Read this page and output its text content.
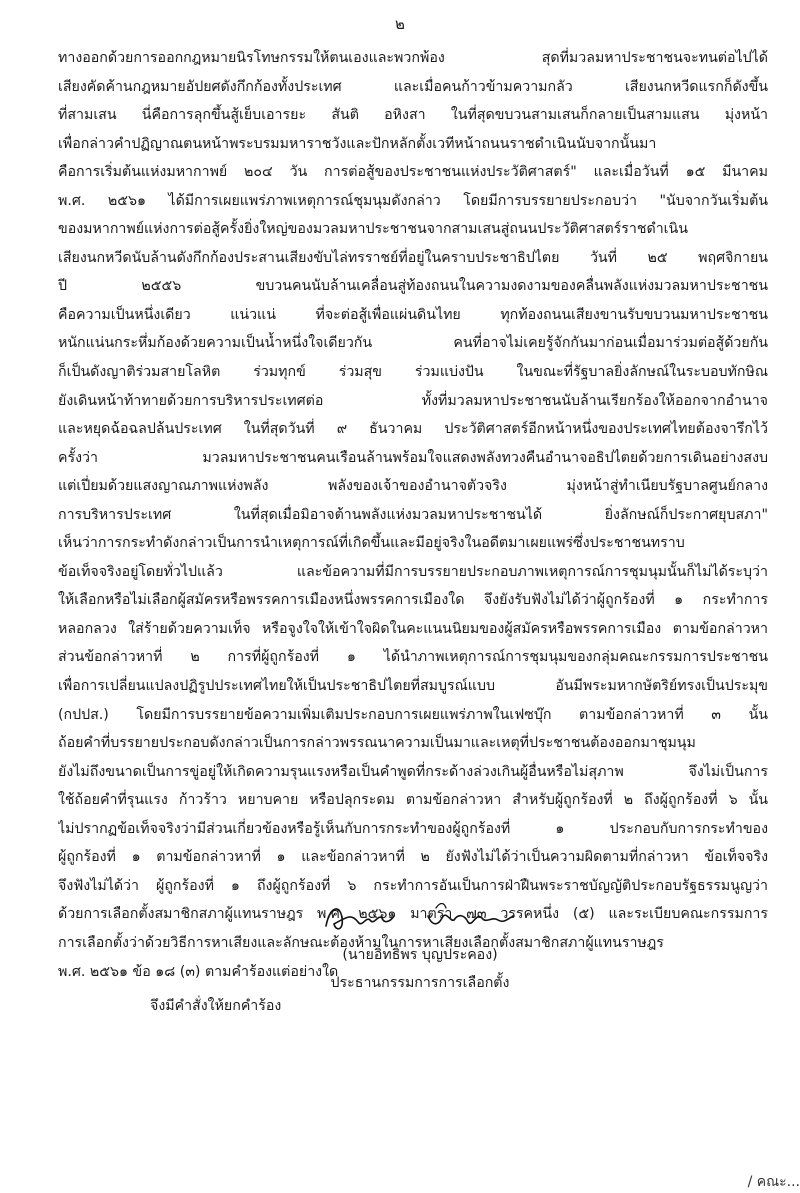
๒
ทางออกด้วยการออกกฎหมายนิรโทษกรรมให้ตนเองและพวกพ้อง สุดที่มวลมหาประชาชนจะทนต่อไปได้
เสียงคัดค้านกฎหมายอัปยศดังกึกก้องทั้งประเทศ และเมื่อคนก้าวข้ามความกลัว เสียงนกหวีดแรกก็ดังขึ้น
ที่สามเสน นี่คือการลุกขึ้นสู้เย็บเอารยะ สันติ อหิงสา ในที่สุดขบวนสามเสนก็กลายเป็นสามแสน มุ่งหน้า
เพื่อกล่าวคำปฏิญาณตนหน้าพระบรมมหาราชวังและปักหลักตั้งเวทีหน้าถนนราชดำเนินนับจากนั้นมา
คือการเริ่มต้นแห่งมหากาพย์ ๒๐๔ วัน การต่อสู้ของประชาชนแห่งประวัติศาสตร์" และเมื่อวันที่ ๑๕ มีนาคม
พ.ศ. ๒๕๖๑ ได้มีการเผยแพร่ภาพเหตุการณ์ชุมนุมดังกล่าว โดยมีการบรรยายประกอบว่า "นับจากวันเริ่มต้น
ของมหากาพย์แห่งการต่อสู้ครั้งยิ่งใหญ่ของมวลมหาประชาชนจากสามเสนสู่ถนนประวัติศาสตร์ราชดำเนิน
เสียงนกหวีดนับล้านดังกึกก้องประสานเสียงขับไล่ทรราชย์ที่อยู่ในคราบประชาธิปไตย วันที่ ๒๕ พฤศจิกายน
ปี ๒๕๕๖ ขบวนคนนับล้านเคลื่อนสู่ท้องถนนในความงดงามของคลื่นพลังแห่งมวลมหาประชาชน
คือความเป็นหนึ่งเดียว แน่วแน่ ที่จะต่อสู้เพื่อแผ่นดินไทย ทุกท้องถนนเสียงขานรับขบวนมหาประชาชน
หนักแน่นกระหึ่มก้องด้วยความเป็นน้ำหนึ่งใจเดียวกัน คนที่อาจไม่เคยรู้จักกันมาก่อนเมื่อมาร่วมต่อสู้ด้วยกัน
ก็เป็นดังญาติร่วมสายโลหิต ร่วมทุกข์ ร่วมสุข ร่วมแบ่งปัน ในขณะที่รัฐบาลยิ่งลักษณ์ในระบอบทักษิณ
ยังเดินหน้าท้าทายด้วยการบริหารประเทศต่อ ทั้งที่มวลมหาประชาชนนับล้านเรียกร้องให้ออกจากอำนาจ
และหยุดฉ้อฉลปล้นประเทศ ในที่สุดวันที่ ๙ ธันวาคม ประวัติศาสตร์อีกหน้าหนึ่งของประเทศไทยต้องจารึกไว้
ครั้งว่า มวลมหาประชาชนคนเรือนล้านพร้อมใจแสดงพลังทวงคืนอำนาจอธิปไตยด้วยการเดินอย่างสงบ
แต่เปี่ยมด้วยแสงญาณภาพแห่งพลัง พลังของเจ้าของอำนาจตัวจริง มุ่งหน้าสู่ทำเนียบรัฐบาลศูนย์กลาง
การบริหารประเทศ ในที่สุดเมื่อมิอาจต้านพลังแห่งมวลมหาประชาชนได้ ยิ่งลักษณ์ก็ประกาศยุบสภา"
เห็นว่าการกระทำดังกล่าวเป็นการนำเหตุการณ์ที่เกิดขึ้นและมีอยู่จริงในอดีตมาเผยแพร่ซึ่งประชาชนทราบ
ข้อเท็จจริงอยู่โดยทั่วไปแล้ว และข้อความที่มีการบรรยายประกอบภาพเหตุการณ์การชุมนุมนั้นก็ไม่ได้ระบุว่า
ให้เลือกหรือไม่เลือกผู้สมัครหรือพรรคการเมืองหนึ่งพรรคการเมืองใด จึงยังรับฟังไม่ได้ว่าผู้ถูกร้องที่ ๑ กระทำการ
หลอกลวง ใส่ร้ายด้วยความเท็จ หรือจูงใจให้เข้าใจผิดในคะแนนนิยมของผู้สมัครหรือพรรคการเมือง ตามข้อกล่าวหา
ส่วนข้อกล่าวหาที่ ๒ การที่ผู้ถูกร้องที่ ๑ ได้นำภาพเหตุการณ์การชุมนุมของกลุ่มคณะกรรมการประชาชน
เพื่อการเปลี่ยนแปลงปฏิรูปประเทศไทยให้เป็นประชาธิปไตยที่สมบูรณ์แบบ อันมีพระมหากษัตริย์ทรงเป็นประมุข
(กปปส.) โดยมีการบรรยายข้อความเพิ่มเติมประกอบการเผยแพร่ภาพในเฟซบุ๊ก ตามข้อกล่าวหาที่ ๓ นั้น
ถ้อยคำที่บรรยายประกอบดังกล่าวเป็นการกล่าวพรรณนาความเป็นมาและเหตุที่ประชาชนต้องออกมาชุมนุม
ยังไม่ถึงขนาดเป็นการขู่อยู่ให้เกิดความรุนแรงหรือเป็นคำพูดที่กระด้างล่วงเกินผู้อื่นหรือไม่สุภาพ จึงไม่เป็นการ
ใช้ถ้อยคำที่รุนแรง ก้าวร้าว หยาบคาย หรือปลุกระดม ตามข้อกล่าวหา สำหรับผู้ถูกร้องที่ ๒ ถึงผู้ถูกร้องที่ ๖ นั้น
ไม่ปรากฏข้อเท็จจริงว่ามีส่วนเกี่ยวข้องหรือรู้เห็นกับการกระทำของผู้ถูกร้องที่ ๑ ประกอบกับการกระทำของ
ผู้ถูกร้องที่ ๑ ตามข้อกล่าวหาที่ ๑ และข้อกล่าวหาที่ ๒ ยังฟังไม่ได้ว่าเป็นความผิดตามที่กล่าวหา ข้อเท็จจริง
จึงฟังไม่ได้ว่า ผู้ถูกร้องที่ ๑ ถึงผู้ถูกร้องที่ ๖ กระทำการอันเป็นการฝ่าฝืนพระราชบัญญัติประกอบรัฐธรรมนูญว่า
ด้วยการเลือกตั้งสมาชิกสภาผู้แทนราษฎร พ.ศ. ๒๕๖๑ มาตรา ๗๓ วรรคหนึ่ง (๕) และระเบียบคณะกรรมการ
การเลือกตั้งว่าด้วยวิธีการหาเสียงและลักษณะต้องห้ามในการหาเสียงเลือกตั้งสมาชิกสภาผู้แทนราษฎร
พ.ศ. ๒๕๖๑ ข้อ ๑๘ (๓) ตามคำร้องแต่อย่างใด
จึงมีคำสั่งให้ยกคำร้อง
(นายอิทธิพร บุญประคอง)
ประธานกรรมการการเลือกตั้ง
/ คณะ...
